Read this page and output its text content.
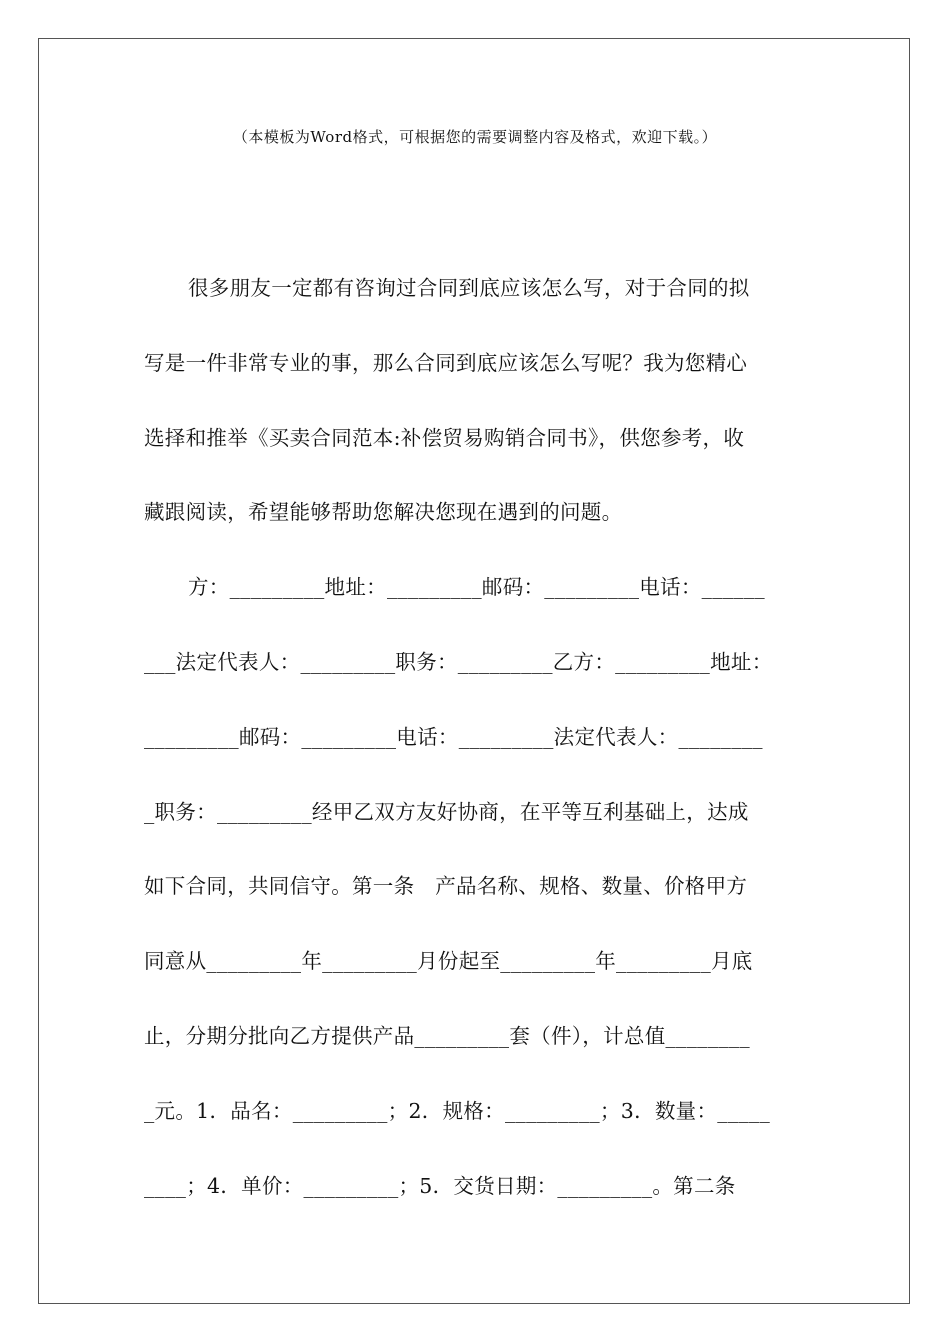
（本模板为Word格式，可根据您的需要调整内容及格式，欢迎下载。）
很多朋友一定都有咨询过合同到底应该怎么写，对于合同的拟
写是一件非常专业的事，那么合同到底应该怎么写呢？我为您精心
选择和推举《买卖合同范本:补偿贸易购销合同书》，供您参考，收
藏跟阅读，希望能够帮助您解决您现在遇到的问题。
方：_________地址：_________邮码：_________电话：______
___法定代表人：_________职务：_________乙方：_________地址：
_________邮码：_________电话：_________法定代表人：________
_职务：_________经甲乙双方友好协商，在平等互利基础上，达成
如下合同，共同信守。第一条　产品名称、规格、数量、价格甲方
同意从_________年_________月份起至_________年_________月底
止，分期分批向乙方提供产品_________套（件），计总值________
_元。1．品名：_________；2．规格：_________；3．数量：_____
____；4．单价：_________；5．交货日期：_________。第二条
